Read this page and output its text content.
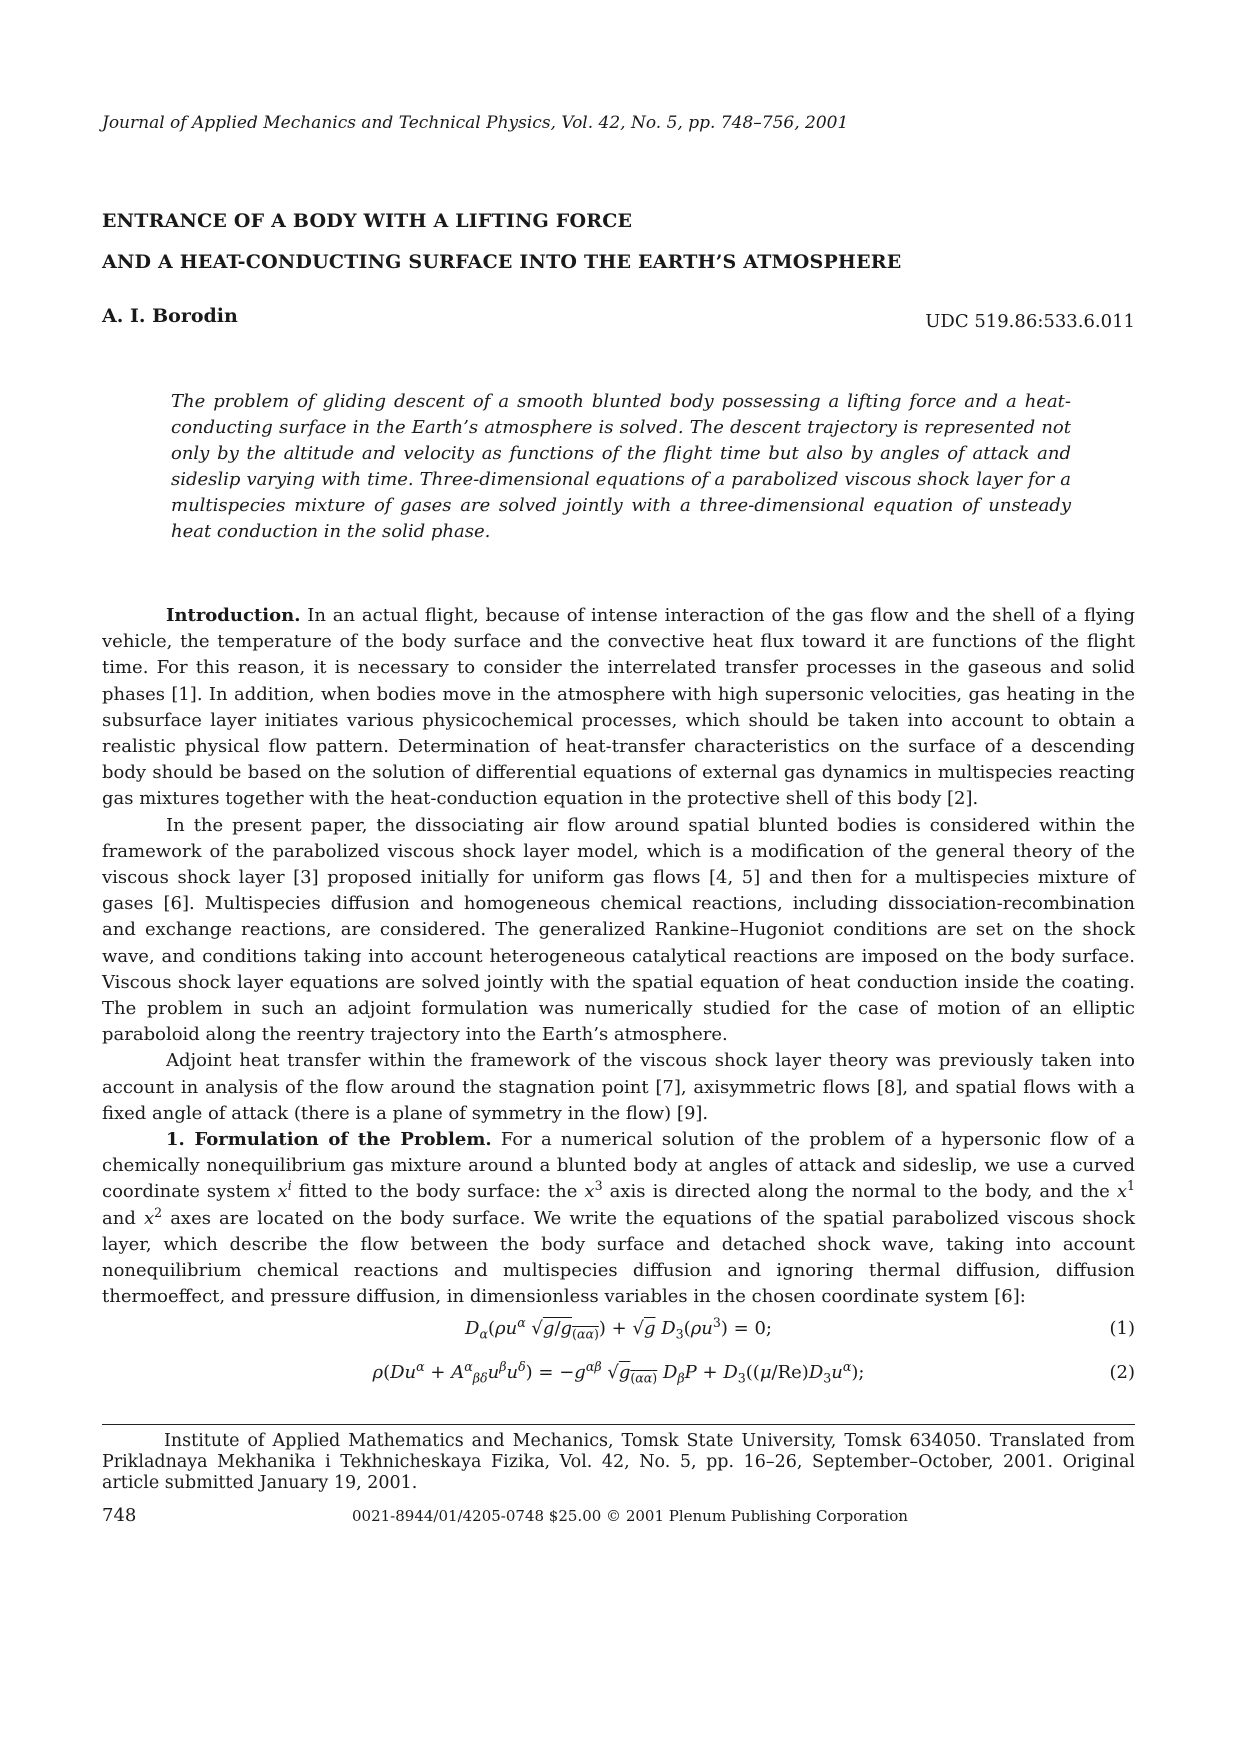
Journal of Applied Mechanics and Technical Physics, Vol. 42, No. 5, pp. 748–756, 2001
ENTRANCE OF A BODY WITH A LIFTING FORCE
AND A HEAT-CONDUCTING SURFACE INTO THE EARTH’S ATMOSPHERE
A. I. Borodin	UDC 519.86:533.6.011
The problem of gliding descent of a smooth blunted body possessing a lifting force and a heat-conducting surface in the Earth’s atmosphere is solved. The descent trajectory is represented not only by the altitude and velocity as functions of the flight time but also by angles of attack and sideslip varying with time. Three-dimensional equations of a parabolized viscous shock layer for a multispecies mixture of gases are solved jointly with a three-dimensional equation of unsteady heat conduction in the solid phase.

Introduction. In an actual flight, because of intense interaction of the gas flow and the shell of a flying vehicle, the temperature of the body surface and the convective heat flux toward it are functions of the flight time. For this reason, it is necessary to consider the interrelated transfer processes in the gaseous and solid phases [1]. In addition, when bodies move in the atmosphere with high supersonic velocities, gas heating in the subsurface layer initiates various physicochemical processes, which should be taken into account to obtain a realistic physical flow pattern. Determination of heat-transfer characteristics on the surface of a descending body should be based on the solution of differential equations of external gas dynamics in multispecies reacting gas mixtures together with the heat-conduction equation in the protective shell of this body [2].

In the present paper, the dissociating air flow around spatial blunted bodies is considered within the framework of the parabolized viscous shock layer model, which is a modification of the general theory of the viscous shock layer [3] proposed initially for uniform gas flows [4, 5] and then for a multispecies mixture of gases [6]. Multispecies diffusion and homogeneous chemical reactions, including dissociation-recombination and exchange reactions, are considered. The generalized Rankine–Hugoniot conditions are set on the shock wave, and conditions taking into account heterogeneous catalytical reactions are imposed on the body surface. Viscous shock layer equations are solved jointly with the spatial equation of heat conduction inside the coating. The problem in such an adjoint formulation was numerically studied for the case of motion of an elliptic paraboloid along the reentry trajectory into the Earth’s atmosphere.

Adjoint heat transfer within the framework of the viscous shock layer theory was previously taken into account in analysis of the flow around the stagnation point [7], axisymmetric flows [8], and spatial flows with a fixed angle of attack (there is a plane of symmetry in the flow) [9].

1. Formulation of the Problem. For a numerical solution of the problem of a hypersonic flow of a chemically nonequilibrium gas mixture around a blunted body at angles of attack and sideslip, we use a curved coordinate system $x^i$ fitted to the body surface: the $x^3$ axis is directed along the normal to the body, and the $x^1$ and $x^2$ axes are located on the body surface. We write the equations of the spatial parabolized viscous shock layer, which describe the flow between the body surface and detached shock wave, taking into account nonequilibrium chemical reactions and multispecies diffusion and ignoring thermal diffusion, diffusion thermoeffect, and pressure diffusion, in dimensionless variables in the chosen coordinate system [6]:

$D_\alpha(\rho u^\alpha$ $√g/g_{(\alpha\alpha)}) + √g$ $D_3(\rho u^3) = 0$;	(1)
$\rho(Du^\alpha + A^\alpha_{\beta\delta}u^\beta u^\delta) = -g^{\alpha\beta}$ $√g_{(\alpha\alpha)}$ $D_\beta P + D_3((\mu/Re)D_3u^\alpha)$;	(2)
Institute of Applied Mathematics and Mechanics, Tomsk State University, Tomsk 634050. Translated from Prikladnaya Mekhanika i Tekhnicheskaya Fizika, Vol. 42, No. 5, pp. 16–26, September–October, 2001. Original article submitted January 19, 2001.
748	0021-8944/01/4205-0748 $25.00 © 2001 Plenum Publishing Corporation
